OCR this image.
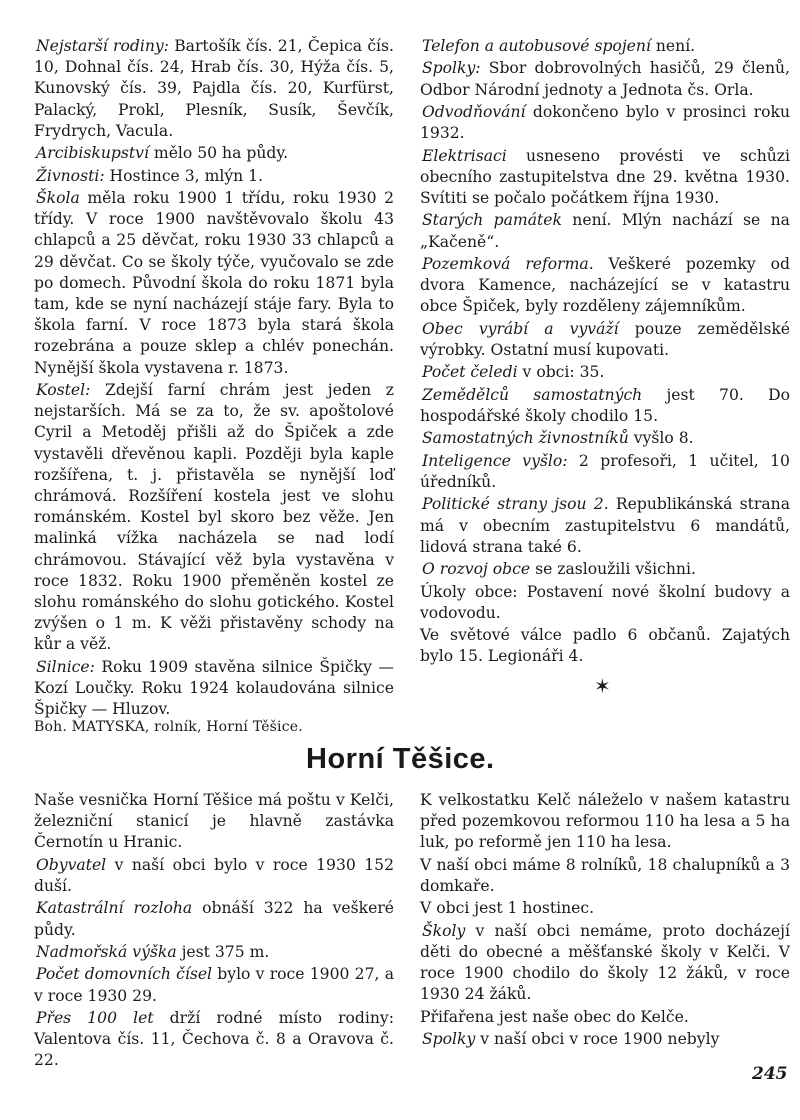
Nejstarší rodiny: Bartošík čís. 21, Čepica čís. 10, Dohnal čís. 24, Hrab čís. 30, Hýža čís. 5, Kunovský čís. 39, Pajdla čís. 20, Kurfürst, Palacký, Prokl, Plesník, Susík, Ševčík, Frydrych, Vacula.

Arcibiskupství mělo 50 ha půdy.

Živnosti: Hostince 3, mlýn 1.

Škola měla roku 1900 1 třídu, roku 1930 2 třídy. V roce 1900 navštěvovalo školu 43 chlapců a 25 děvčat, roku 1930 33 chlapců a 29 děvčat. Co se školy týče, vyučovalo se zde po domech. Původní škola do roku 1871 byla tam, kde se nyní nacházejí stáje fary. Byla to škola farní. V roce 1873 byla stará škola rozebrána a pouze sklep a chlév ponechán. Nynější škola vystavena r. 1873.

Kostel: Zdejší farní chrám jest jeden z nejstarších. Má se za to, že sv. apoštolové Cyril a Metoděj přišli až do Špiček a zde vystavěli dřevěnou kapli. Později byla kaple rozšířena, t. j. přistavěla se nynější loď chrámová. Rozšíření kostela jest ve slohu románském. Kostel byl skoro bez věže. Jen malinká vížka nacházela se nad lodí chrámovou. Stávající věž byla vystavěna v roce 1832. Roku 1900 přeměněn kostel ze slohu románského do slohu gotického. Kostel zvýšen o 1 m. K věži přistavěny schody na kůr a věž.

Silnice: Roku 1909 stavěna silnice Špičky — Kozí Loučky. Roku 1924 kolaudována silnice Špičky — Hluzov.

Telefon a autobusové spojení není.

Spolky: Sbor dobrovolných hasičů, 29 členů, Odbor Národní jednoty a Jednota čs. Orla.

Odvodňování dokončeno bylo v prosinci roku 1932.

Elektrisaci usneseno provésti ve schůzi obecního zastupitelstva dne 29. května 1930. Svítiti se počalo počátkem října 1930.

Starých památek není. Mlýn nachází se na „Kačeně“.

Pozemková reforma. Veškeré pozemky od dvora Kamence, nacházející se v katastru obce Špiček, byly rozděleny zájemníkům.

Obec vyrábí a vyváží pouze zemědělské výrobky. Ostatní musí kupovati.

Počet čeledi v obci: 35.

Zemědělců samostatných jest 70. Do hospodářské školy chodilo 15.

Samostatných živnostníků vyšlo 8.

Inteligence vyšlo: 2 profesoři, 1 učitel, 10 úředníků.

Politické strany jsou 2. Republikánská strana má v obecním zastupitelstvu 6 mandátů, lidová strana také 6.

O rozvoj obce se zasloužili všichni.

Úkoly obce: Postavení nové školní budovy a vodovodu.

Ve světové válce padlo 6 občanů. Zajatých bylo 15. Legionáři 4.

✶
Boh. MATYSKA, rolník, Horní Těšice.
Horní Těšice.

Naše vesnička Horní Těšice má poštu v Kelči, železniční stanicí je hlavně zastávka Černotín u Hranic.

Obyvatel v naší obci bylo v roce 1930 152 duší.

Katastrální rozloha obnáší 322 ha veškeré půdy.

Nadmořská výška jest 375 m.

Počet domovních čísel bylo v roce 1900 27, a v roce 1930 29.

Přes 100 let drží rodné místo rodiny: Valentova čís. 11, Čechova č. 8 a Oravova č. 22.

K velkostatku Kelč náleželo v našem katastru před pozemkovou reformou 110 ha lesa a 5 ha luk, po reformě jen 110 ha lesa.

V naší obci máme 8 rolníků, 18 chalupníků a 3 domkaře.

V obci jest 1 hostinec.

Školy v naší obci nemáme, proto docházejí děti do obecné a měšťanské školy v Kelči. V roce 1900 chodilo do školy 12 žáků, v roce 1930 24 žáků.

Přifařena jest naše obec do Kelče.

Spolky v naší obci v roce 1900 nebyly

245
